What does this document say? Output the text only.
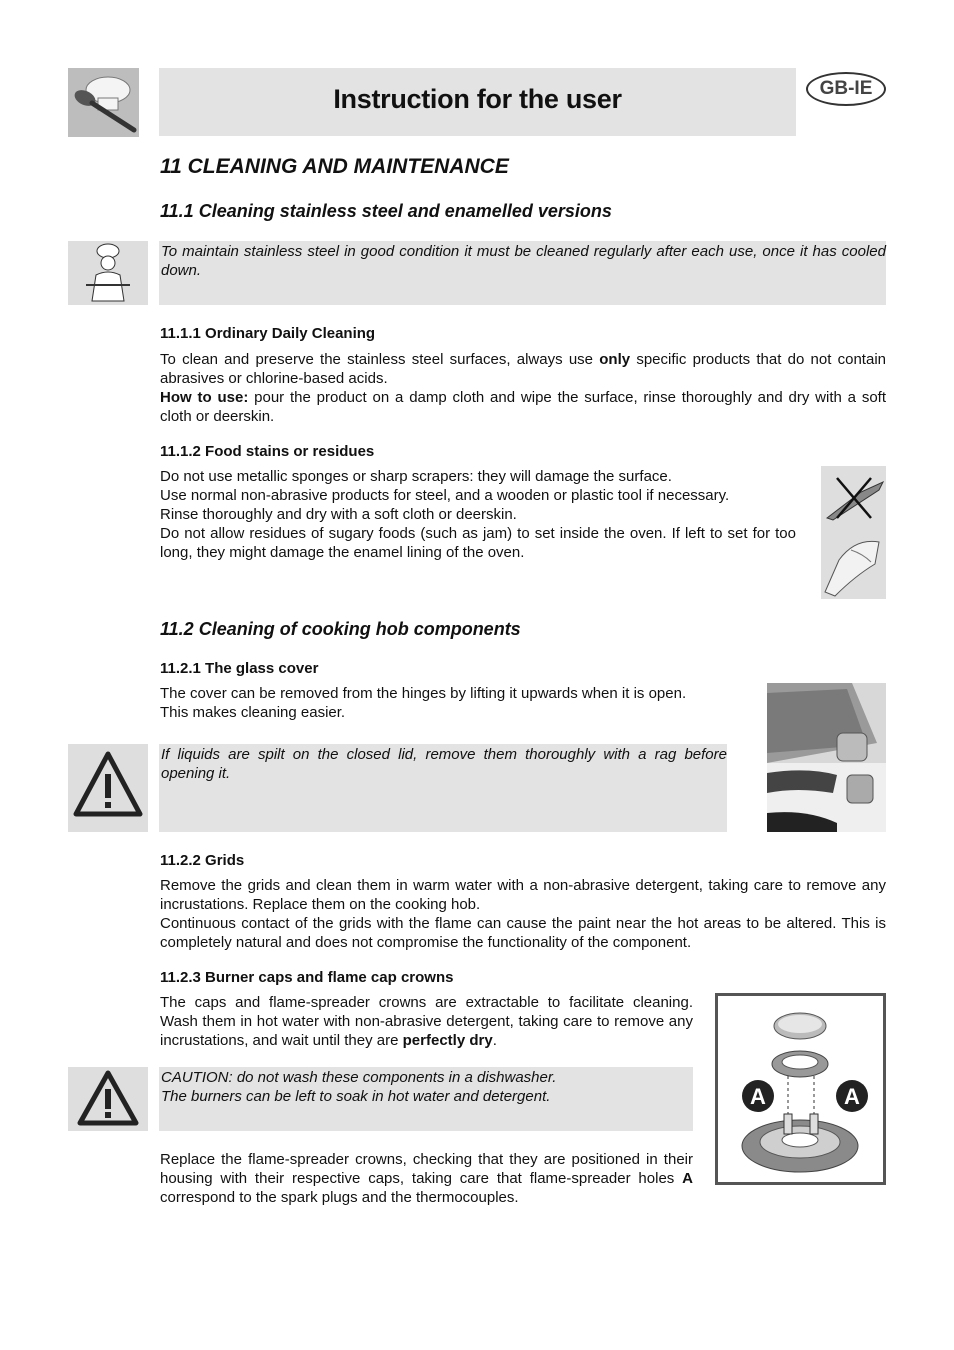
Instruction for the user	GB-IE
11 CLEANING AND MAINTENANCE
11.1 Cleaning stainless steel and enamelled versions
To maintain stainless steel in good condition it must be cleaned regularly after each use, once it has cooled down.
11.1.1 Ordinary Daily Cleaning
To clean and preserve the stainless steel surfaces, always use only specific products that do not contain abrasives or chlorine-based acids.
How to use: pour the product on a damp cloth and wipe the surface, rinse thoroughly and dry with a soft cloth or deerskin.
11.1.2 Food stains or residues
Do not use metallic sponges or sharp scrapers: they will damage the surface.
Use normal non-abrasive products for steel, and a wooden or plastic tool if necessary.
Rinse thoroughly and dry with a soft cloth or deerskin.
Do not allow residues of sugary foods (such as jam) to set inside the oven. If left to set for too long, they might damage the enamel lining of the oven.
11.2 Cleaning of cooking hob components
11.2.1 The glass cover
The cover can be removed from the hinges by lifting it upwards when it is open.
This makes cleaning easier.
If liquids are spilt on the closed lid, remove them thoroughly with a rag before opening it.
11.2.2 Grids
Remove the grids and clean them in warm water with a non-abrasive detergent, taking care to remove any incrustations. Replace them on the cooking hob.
Continuous contact of the grids with the flame can cause the paint near the hot areas to be altered. This is completely natural and does not compromise the functionality of the component.
11.2.3 Burner caps and flame cap crowns
The caps and flame-spreader crowns are extractable to facilitate cleaning. Wash them in hot water with non-abrasive detergent, taking care to remove any incrustations, and wait until they are perfectly dry.
CAUTION: do not wash these components in a dishwasher.
The burners can be left to soak in hot water and detergent.
Replace the flame-spreader crowns, checking that they are positioned in their housing with their respective caps, taking care that flame-spreader holes A correspond to the spark plugs and the thermocouples.
A	A
